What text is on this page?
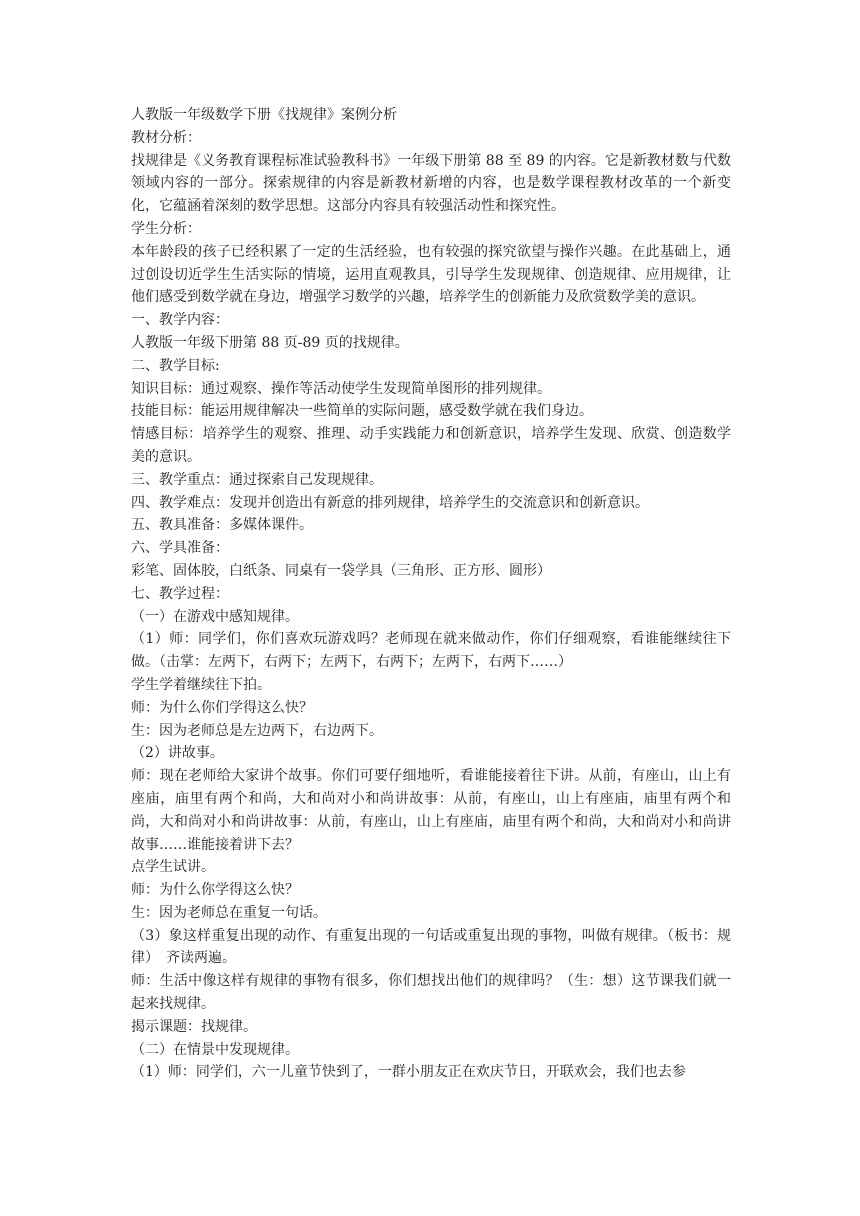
人教版一年级数学下册《找规律》案例分析

教材分析：

找规律是《义务教育课程标准试验教科书》一年级下册第 88 至 89 的内容。它是新教材数与代数领域内容的一部分。探索规律的内容是新教材新增的内容，也是数学课程教材改革的一个新变化，它蕴涵着深刻的数学思想。这部分内容具有较强活动性和探究性。

学生分析：

本年龄段的孩子已经积累了一定的生活经验，也有较强的探究欲望与操作兴趣。在此基础上，通过创设切近学生生活实际的情境，运用直观教具，引导学生发现规律、创造规律、应用规律，让他们感受到数学就在身边，增强学习数学的兴趣，培养学生的创新能力及欣赏数学美的意识。

一、教学内容：

人教版一年级下册第 88 页-89 页的找规律。

二、教学目标:

知识目标：通过观察、操作等活动使学生发现简单图形的排列规律。

技能目标：能运用规律解决一些简单的实际问题，感受数学就在我们身边。

情感目标：培养学生的观察、推理、动手实践能力和创新意识，培养学生发现、欣赏、创造数学美的意识。

三、教学重点：通过探索自己发现规律。

四、教学难点：发现并创造出有新意的排列规律，培养学生的交流意识和创新意识。

五、教具准备：多媒体课件。

六、学具准备：

彩笔、固体胶，白纸条、同桌有一袋学具（三角形、正方形、圆形）

七、教学过程：

（一）在游戏中感知规律。

（1）师：同学们，你们喜欢玩游戏吗？老师现在就来做动作，你们仔细观察，看谁能继续往下做。（击掌：左两下，右两下；左两下，右两下；左两下，右两下……）

学生学着继续往下拍。

师：为什么你们学得这么快？

生：因为老师总是左边两下，右边两下。

（2）讲故事。

师：现在老师给大家讲个故事。你们可要仔细地听，看谁能接着往下讲。从前，有座山，山上有座庙，庙里有两个和尚，大和尚对小和尚讲故事：从前，有座山，山上有座庙，庙里有两个和尚，大和尚对小和尚讲故事：从前，有座山，山上有座庙，庙里有两个和尚，大和尚对小和尚讲故事……谁能接着讲下去？

点学生试讲。

师：为什么你学得这么快？

生：因为老师总在重复一句话。

（3）象这样重复出现的动作、有重复出现的一句话或重复出现的事物，叫做有规律。（板书：规律）　齐读两遍。

师：生活中像这样有规律的事物有很多，你们想找出他们的规律吗？（生：想）这节课我们就一起来找规律。

揭示课题：找规律。

（二）在情景中发现规律。

（1）师：同学们，六一儿童节快到了，一群小朋友正在欢庆节日，开联欢会，我们也去参
